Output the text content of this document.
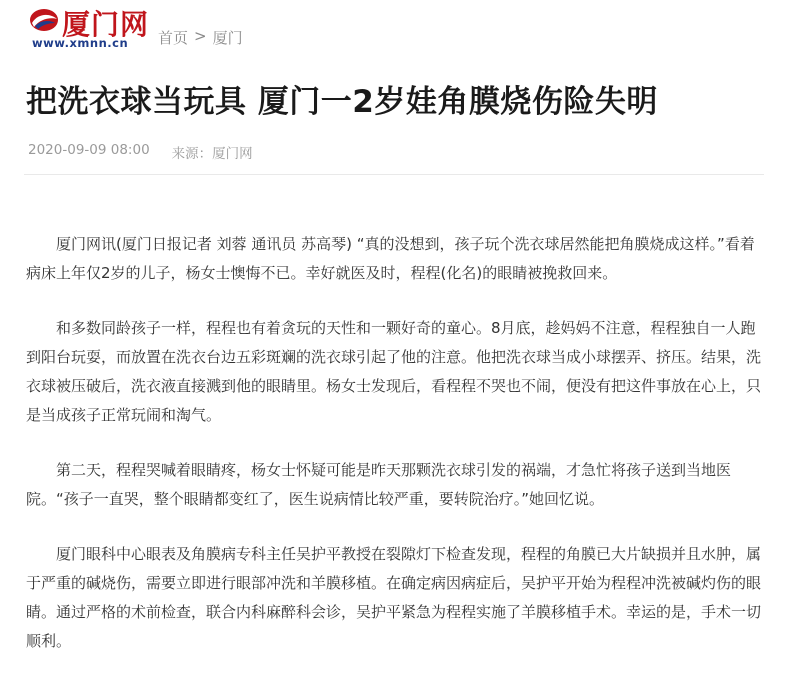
厦门网
www.xmnn.cn 首页 > 厦门
把洗衣球当玩具 厦门一2岁娃角膜烧伤险失明
2020-09-09 08:00 来源：厦门网

厦门网讯(厦门日报记者 刘蓉 通讯员 苏高琴) “真的没想到，孩子玩个洗衣球居然能把角膜烧成这样。”看着病床上年仅2岁的儿子，杨女士懊悔不已。幸好就医及时，程程(化名)的眼睛被挽救回来。

和多数同龄孩子一样，程程也有着贪玩的天性和一颗好奇的童心。8月底，趁妈妈不注意，程程独自一人跑到阳台玩耍，而放置在洗衣台边五彩斑斓的洗衣球引起了他的注意。他把洗衣球当成小球摆弄、挤压。结果，洗衣球被压破后，洗衣液直接溅到他的眼睛里。杨女士发现后，看程程不哭也不闹，便没有把这件事放在心上，只是当成孩子正常玩闹和淘气。

第二天，程程哭喊着眼睛疼，杨女士怀疑可能是昨天那颗洗衣球引发的祸端，才急忙将孩子送到当地医院。“孩子一直哭，整个眼睛都变红了，医生说病情比较严重，要转院治疗。”她回忆说。

厦门眼科中心眼表及角膜病专科主任吴护平教授在裂隙灯下检查发现，程程的角膜已大片缺损并且水肿，属于严重的碱烧伤，需要立即进行眼部冲洗和羊膜移植。在确定病因病症后，吴护平开始为程程冲洗被碱灼伤的眼睛。通过严格的术前检查，联合内科麻醉科会诊，吴护平紧急为程程实施了羊膜移植手术。幸运的是，手术一切顺利。
